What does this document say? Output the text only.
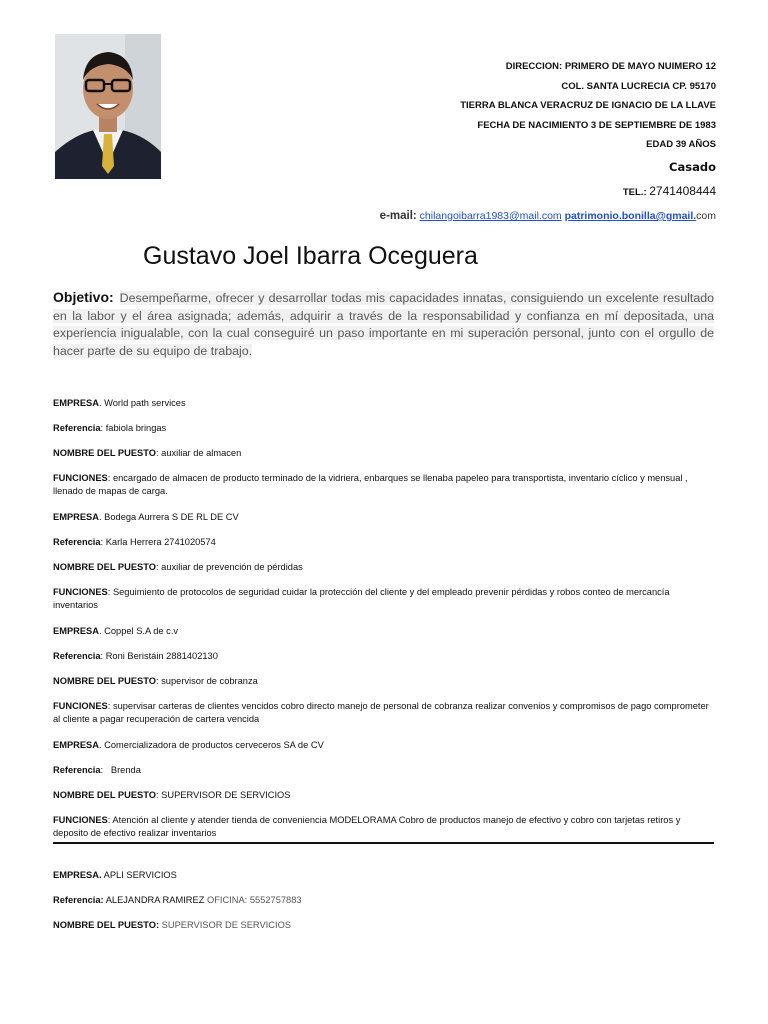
DIRECCION: PRIMERO DE MAYO NUIMERO 12
COL. SANTA LUCRECIA CP. 95170
TIERRA BLANCA VERACRUZ DE IGNACIO DE LA LLAVE
FECHA DE NACIMIENTO 3 DE SEPTIEMBRE DE 1983
EDAD 39 AÑOS
Casado
TEL.: 2741408444
e-mail: chilangoibarra1983@mail.com patrimonio.bonilla@gmail.com
Gustavo Joel Ibarra Oceguera
Objetivo: Desempeñarme, ofrecer y desarrollar todas mis capacidades innatas, consiguiendo un excelente resultado en la labor y el área asignada; además, adquirir a través de la responsabilidad y confianza en mí depositada, una experiencia inigualable, con la cual conseguiré un paso importante en mi superación personal, junto con el orgullo de hacer parte de su equipo de trabajo.
EMPRESA. World path services
Referencia: fabiola bringas
NOMBRE DEL PUESTO: auxiliar de almacen
FUNCIONES: encargado de almacen de producto terminado de la vidriera, enbarques se llenaba papeleo para transportista, inventario cíclico y mensual , llenado de mapas de carga.
EMPRESA. Bodega Aurrera S DE RL DE CV
Referencia: Karla Herrera 2741020574
NOMBRE DEL PUESTO: auxiliar de prevención de pérdidas
FUNCIONES: Seguimiento de protocolos de seguridad cuidar la protección del cliente y del empleado prevenir pérdidas y robos conteo de mercancía inventarios
EMPRESA. Coppel S.A de c.v
Referencia: Roni Beristáin 2881402130
NOMBRE DEL PUESTO: supervisor de cobranza
FUNCIONES: supervisar carteras de clientes vencidos cobro directo manejo de personal de cobranza realizar convenios y compromisos de pago comprometer al cliente a pagar recuperación de cartera vencida
EMPRESA. Comercializadora de productos cerveceros SA de CV
Referencia:   Brenda
NOMBRE DEL PUESTO: SUPERVISOR DE SERVICIOS
FUNCIONES: Atención al cliente y atender tienda de conveniencia MODELORAMA Cobro de productos manejo de efectivo y cobro con tarjetas retiros y deposito de efectivo realizar inventarios
EMPRESA. APLI SERVICIOS
Referencia: ALEJANDRA RAMIREZ OFICINA: 5552757883
NOMBRE DEL PUESTO: SUPERVISOR DE SERVICIOS
